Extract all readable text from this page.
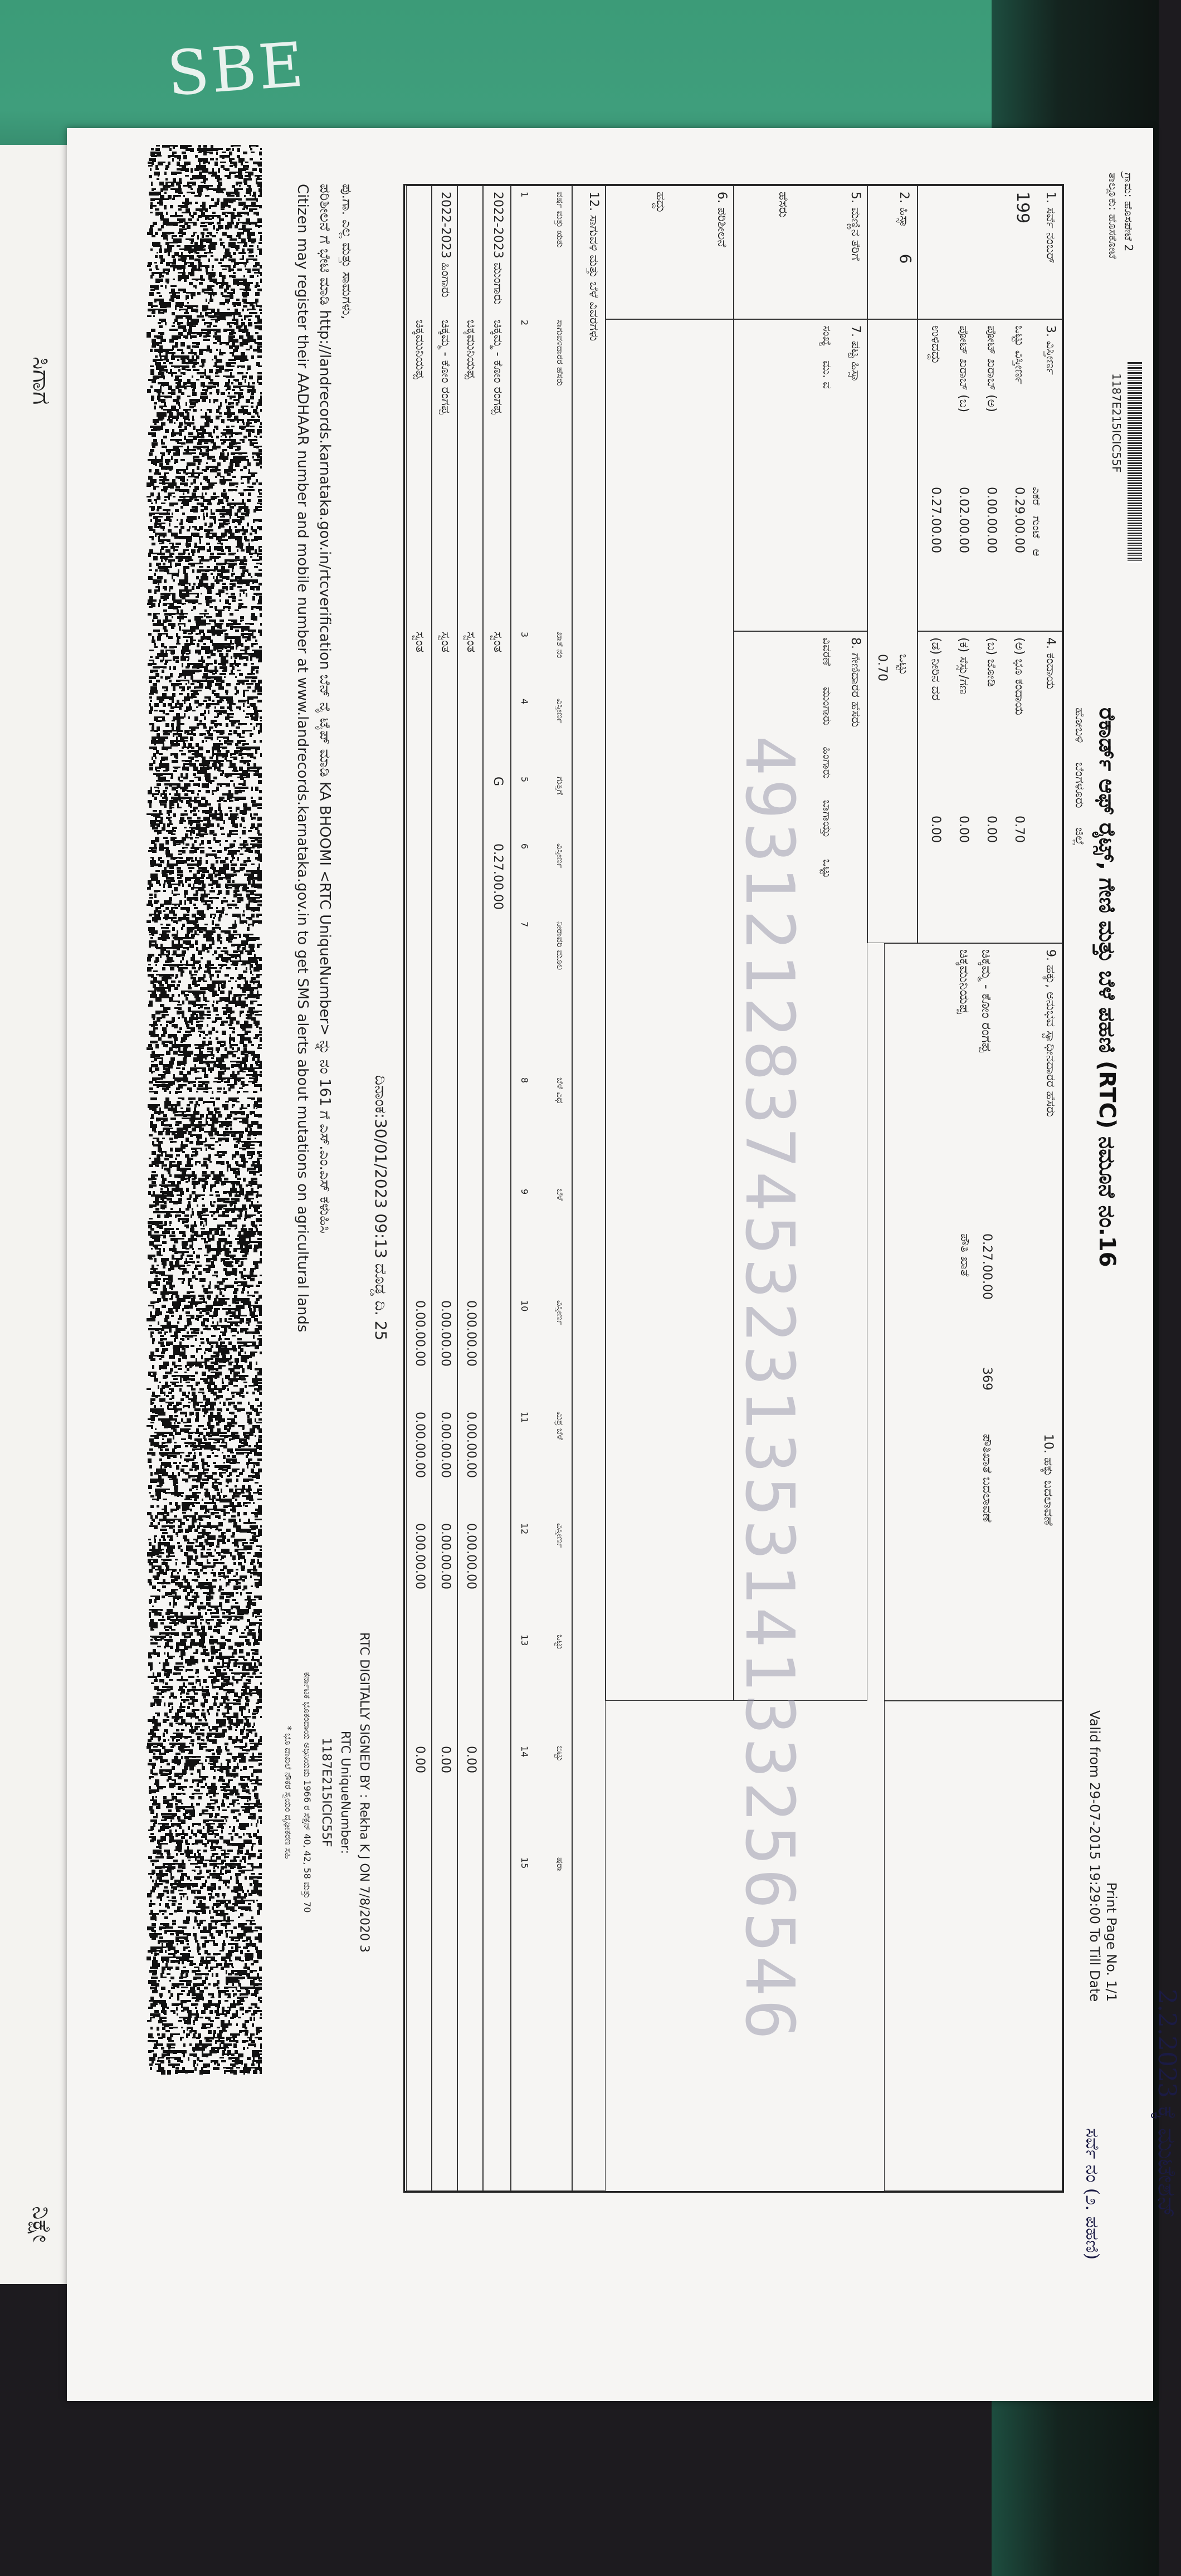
SBE
ಸಿಗಾಗ
ನಿಕ್ಷೇ
ಗ್ರಾಮ: ಹೊಸಪೇಟೆ 2
ತಾಲ್ಲೂಕು: ಹೊಸಕೋಟೆ
1187E215ICIC55F
ರೆಕಾರ್ಡ್ ಆಫ್ ರೈಟ್ಸ್, ಗೇಣಿ ಮತ್ತು ಬೆಳೆ ಪಹಣಿ (RTC) ನಮೂನೆ ನಂ.16
ಹೋಬಳಿ     ಬೆಂಗಳೂರು     ಜಿಲ್ಲೆ
Print Page No. 1/1
Valid from 29-07-2015 19:29:00 To Till Date
2.2.2023 ಕ್ಕೆ ಮುಟೇಶನ್
ಸರ್ವೆ ನಂ (೨. ಪಹಣಿ)
1. ಸರ್ವೆ ನಂಬರ್
199
3. ವಿಸ್ತೀರ್ಣ
ಎಕರೆ   ಗುಂಟೆ   ಆ
ಒಟ್ಟು ವಿಸ್ತೀರ್ಣ
0.29.00.00
ಪೋಟ್ ಖರಾಬ್ (ಅ)
0.00.00.00
ಪೋಟ್ ಖರಾಬ್ (ಬ)
0.02.00.00
ಉಳಿದದ್ದು
0.27.00.00
4. ಕಂದಾಯ
(ಅ) ಭೂ ಕಂದಾಯ
0.70
(ಬ) ಜೋಡಿ
0.00
(ಕ) ಸೆಸ್ಸು/ಗಣ
0.00
(ಡ) ನೀರಿನ ದರ
0.00
9. ಹಕ್ಕು, ಅನುಭವ ಸ್ವಾಧೀನದಾರರ ಹೆಸರು
ಚಿಕ್ಕಮ್ಮ - ಕೋಂ ರಂಗಪ್ಪ
ಚಿಕ್ಕಮುನಿಯಪ್ಪ
0.27.00.00
369
ಪೌತಿ ಖಾತೆ
10. ಹಕ್ಕು ಬದಲಾವಣೆ
ಪೌತಿಖಾತೆ ಬದಲಾವಣೆ
2. ಹಿಸ್ಸಾ 6
ಒಟ್ಟು
0.70
5. ಮಣ್ಣಿನ ತೆರಿಗೆ
ಹೆಸರು
7. ಪಟ್ಟ ಹಿಸ್ಸಾ
ಸಂಖ್ಯೆ    ಮು. ವ
8. ಗೇಣಿದಾರರ ಹೆಸರು
ವಿವರಣೆ      ಮುಂಗಾರು      ಹಿಂಗಾರು      ಬಾಗಾಯ್ತು      ಒಟ್ಟು
6. ಪರಿಶೀಲನೆ
ಹದ್ದು
12. ಸಾಗುವಳಿ ಮತ್ತು ಬೆಳೆ ವಿವರಗಳು
ವರ್ಷ ಮತ್ತು ಋತು
ಸಾಗುವಳಿದಾರರ ಹೆಸರು
ಖಾತೆ ನಂ
ವಿಸ್ತೀರ್ಣ
ಗುತ್ತಿಗೆ
ವಿಸ್ತೀರ್ಣ
ನೀರಾವರಿ ಮೂಲ
ಬೆಳೆ ವಿಧ
ಬೆಳೆ
ವಿಸ್ತೀರ್ಣ
ಮಿಶ್ರ ಬೆಳೆ
ವಿಸ್ತೀರ್ಣ
ಒಟ್ಟು
ಬಿಟ್ಟು
ಷರಾ
1
2
3
4
5
6
7
8
9
10
11
12
13
14
15
2022-2023 ಮುಂಗಾರು
ಚಿಕ್ಕಮ್ಮ - ಕೋಂ ರಂಗಪ್ಪ
ಸ್ವಂತ
G
0.27.00.00
ಚಿಕ್ಕಮುನಿಯಪ್ಪ
ಸ್ವಂತ
0.00.00.00
0.00.00.00
0.00.00.00
0.00
2022-2023 ಹಿಂಗಾರು
ಚಿಕ್ಕಮ್ಮ - ಕೋಂ ರಂಗಪ್ಪ
ಸ್ವಂತ
0.00.00.00
0.00.00.00
0.00.00.00
0.00
ಚಿಕ್ಕಮುನಿಯಪ್ಪ
ಸ್ವಂತ
0.00.00.00
0.00.00.00
0.00.00.00
0.00	493121283745323135314133256546
ದಿನಾಂಕ:30/01/2023 09:13 ದೊಡ್ಡ ದಿ. 25
ಪು.ಗಾ. ಎಲ್ಲ ಮತ್ತು ಸಾಮಗಳು,
ಪರಿಶೀಲನೆ ಗೆ ಭೇಟಿ ಮಾಡಿ http://landrecords.karnataka.gov.in/rtcverification ಬೆನ್ ನೈ ಟೈಪ್ ಮಾಡಿ KA BHOOMI <RTC UniqueNumber> ನ್ನು ನಂ 161 ಗೆ ಎಸ್.ಎಂ.ಎಸ್ ಕಳುಹಿಸಿ
Citizen may register their AADHAAR number and mobile number at www.landrecords.karnataka.gov.in to get SMS alerts about mutations on agricultural lands
RTC DIGITALLY SIGNED BY : Rekha K J ON 7/8/2020 3
RTC UniqueNumber:
1187E215ICIC55F
ಕರ್ನಾಟಕ ಭೂಕಂದಾಯ ಅಧಿನಿಯಮ 1966 ರ ಸೆಕ್ಷನ್ 40, 42, 58 ಮತ್ತು 70
* ಭೂ ದಾಖಲೆ ನೌಕರ ಸ್ವಯಂ ದೃಢೀಕರಣ ಸಹಿ
